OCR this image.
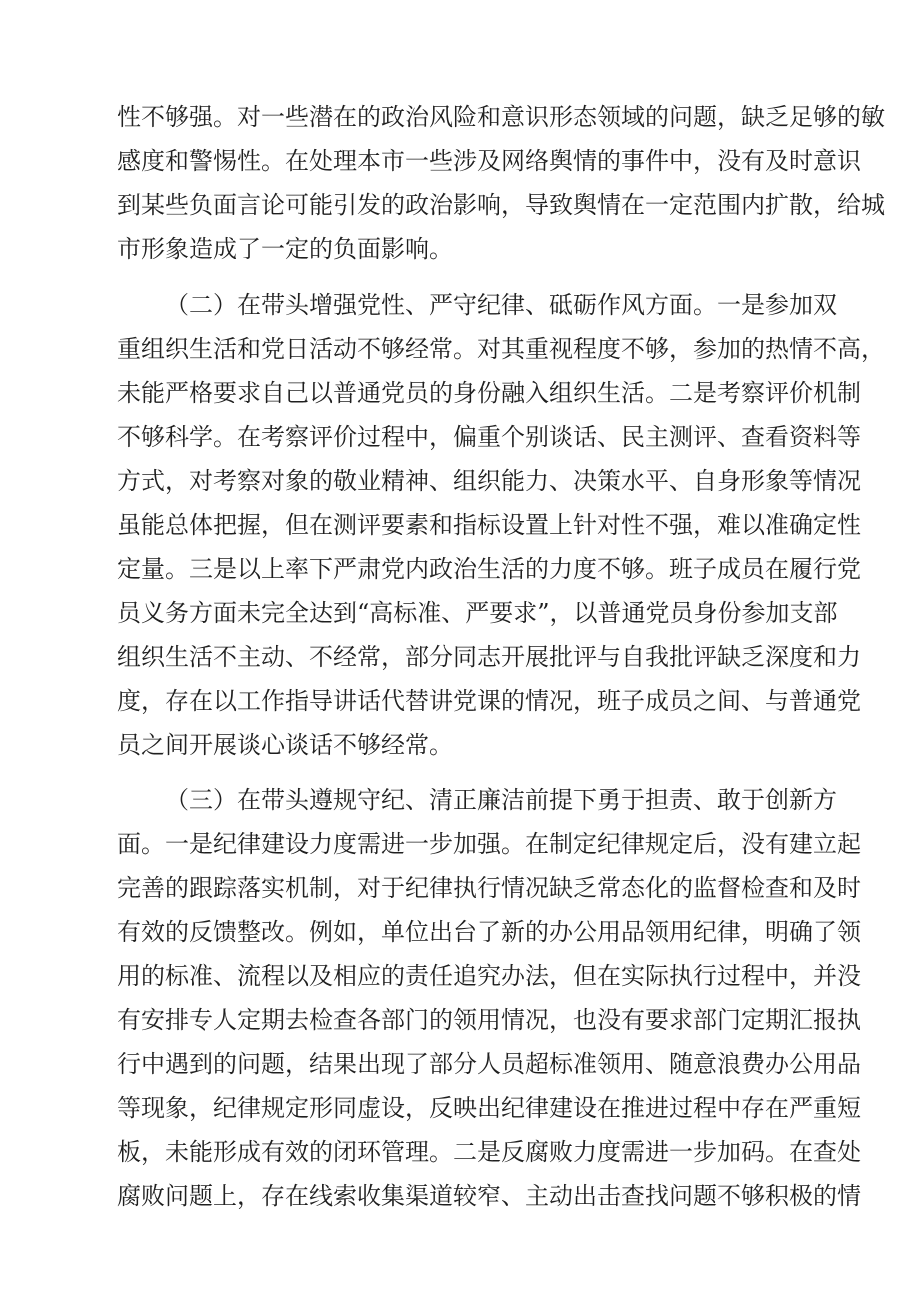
性不够强。对一些潜在的政治风险和意识形态领域的问题，缺乏足够的敏

感度和警惕性。在处理本市一些涉及网络舆情的事件中，没有及时意识

到某些负面言论可能引发的政治影响，导致舆情在一定范围内扩散，给城

市形象造成了一定的负面影响。

（二）在带头增强党性、严守纪律、砥砺作风方面。一是参加双

重组织生活和党日活动不够经常。对其重视程度不够，参加的热情不高，

未能严格要求自己以普通党员的身份融入组织生活。二是考察评价机制

不够科学。在考察评价过程中，偏重个别谈话、民主测评、查看资料等

方式，对考察对象的敬业精神、组织能力、决策水平、自身形象等情况

虽能总体把握，但在测评要素和指标设置上针对性不强，难以准确定性

定量。三是以上率下严肃党内政治生活的力度不够。班子成员在履行党

员义务方面未完全达到“高标准、严要求”，以普通党员身份参加支部

组织生活不主动、不经常，部分同志开展批评与自我批评缺乏深度和力

度，存在以工作指导讲话代替讲党课的情况，班子成员之间、与普通党

员之间开展谈心谈话不够经常。

（三）在带头遵规守纪、清正廉洁前提下勇于担责、敢于创新方

面。一是纪律建设力度需进一步加强。在制定纪律规定后，没有建立起

完善的跟踪落实机制，对于纪律执行情况缺乏常态化的监督检查和及时

有效的反馈整改。例如，单位出台了新的办公用品领用纪律，明确了领

用的标准、流程以及相应的责任追究办法，但在实际执行过程中，并没

有安排专人定期去检查各部门的领用情况，也没有要求部门定期汇报执

行中遇到的问题，结果出现了部分人员超标准领用、随意浪费办公用品

等现象，纪律规定形同虚设，反映出纪律建设在推进过程中存在严重短

板，未能形成有效的闭环管理。二是反腐败力度需进一步加码。在查处

腐败问题上，存在线索收集渠道较窄、主动出击查找问题不够积极的情
